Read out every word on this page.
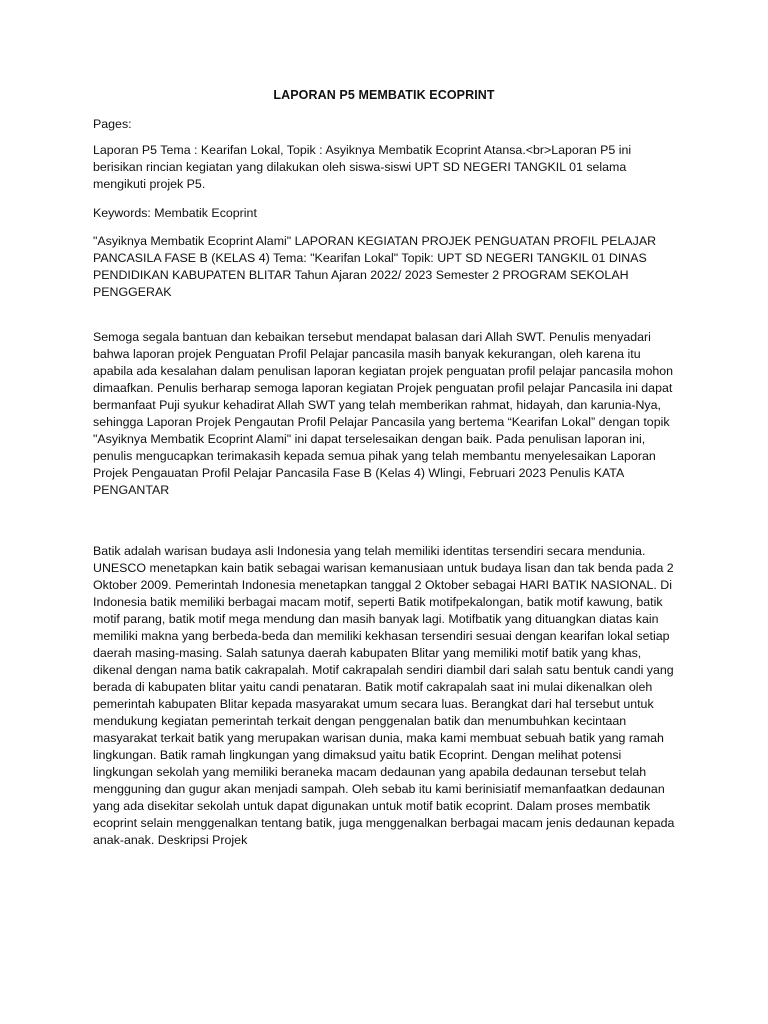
LAPORAN P5 MEMBATIK ECOPRINT

Pages:

Laporan P5 Tema : Kearifan Lokal, Topik : Asyiknya Membatik Ecoprint Atansa.<br>Laporan P5 ini berisikan rincian kegiatan yang dilakukan oleh siswa-siswi UPT SD NEGERI TANGKIL 01 selama mengikuti projek P5.

Keywords: Membatik Ecoprint

"Asyiknya Membatik Ecoprint Alami" LAPORAN KEGIATAN PROJEK PENGUATAN PROFIL PELAJAR PANCASILA FASE B (KELAS 4) Tema: "Kearifan Lokal" Topik: UPT SD NEGERI TANGKIL 01 DINAS PENDIDIKAN KABUPATEN BLITAR Tahun Ajaran 2022/ 2023 Semester 2 PROGRAM SEKOLAH PENGGERAK

Semoga segala bantuan dan kebaikan tersebut mendapat balasan dari Allah SWT. Penulis menyadari bahwa laporan projek Penguatan Profil Pelajar pancasila masih banyak kekurangan, oleh karena itu apabila ada kesalahan dalam penulisan laporan kegiatan projek penguatan profil pelajar pancasila mohon dimaafkan. Penulis berharap semoga laporan kegiatan Projek penguatan profil pelajar Pancasila ini dapat bermanfaat Puji syukur kehadirat Allah SWT yang telah memberikan rahmat, hidayah, dan karunia-Nya, sehingga Laporan Projek Pengautan Profil Pelajar Pancasila yang bertema “Kearifan Lokal” dengan topik "Asyiknya Membatik Ecoprint Alami" ini dapat terselesaikan dengan baik. Pada penulisan laporan ini, penulis mengucapkan terimakasih kepada semua pihak yang telah membantu menyelesaikan Laporan Projek Pengauatan Profil Pelajar Pancasila Fase B (Kelas 4) Wlingi, Februari 2023 Penulis KATA PENGANTAR

Batik adalah warisan budaya asli Indonesia yang telah memiliki identitas tersendiri secara mendunia. UNESCO menetapkan kain batik sebagai warisan kemanusiaan untuk budaya lisan dan tak benda pada 2 Oktober 2009. Pemerintah Indonesia menetapkan tanggal 2 Oktober sebagai HARI BATIK NASIONAL. Di Indonesia batik memiliki berbagai macam motif, seperti Batik motifpekalongan, batik motif kawung, batik motif parang, batik motif mega mendung dan masih banyak lagi. Motifbatik yang dituangkan diatas kain memiliki makna yang berbeda-beda dan memiliki kekhasan tersendiri sesuai dengan kearifan lokal setiap daerah masing-masing. Salah satunya daerah kabupaten Blitar yang memiliki motif batik yang khas, dikenal dengan nama batik cakrapalah. Motif cakrapalah sendiri diambil dari salah satu bentuk candi yang berada di kabupaten blitar yaitu candi penataran. Batik motif cakrapalah saat ini mulai dikenalkan oleh pemerintah kabupaten Blitar kepada masyarakat umum secara luas. Berangkat dari hal tersebut untuk mendukung kegiatan pemerintah terkait dengan penggenalan batik dan menumbuhkan kecintaan masyarakat terkait batik yang merupakan warisan dunia, maka kami membuat sebuah batik yang ramah lingkungan. Batik ramah lingkungan yang dimaksud yaitu batik Ecoprint. Dengan melihat potensi lingkungan sekolah yang memiliki beraneka macam dedaunan yang apabila dedaunan tersebut telah mengguning dan gugur akan menjadi sampah. Oleh sebab itu kami berinisiatif memanfaatkan dedaunan yang ada disekitar sekolah untuk dapat digunakan untuk motif batik ecoprint. Dalam proses membatik ecoprint selain menggenalkan tentang batik, juga menggenalkan berbagai macam jenis dedaunan kepada anak-anak. Deskripsi Projek
